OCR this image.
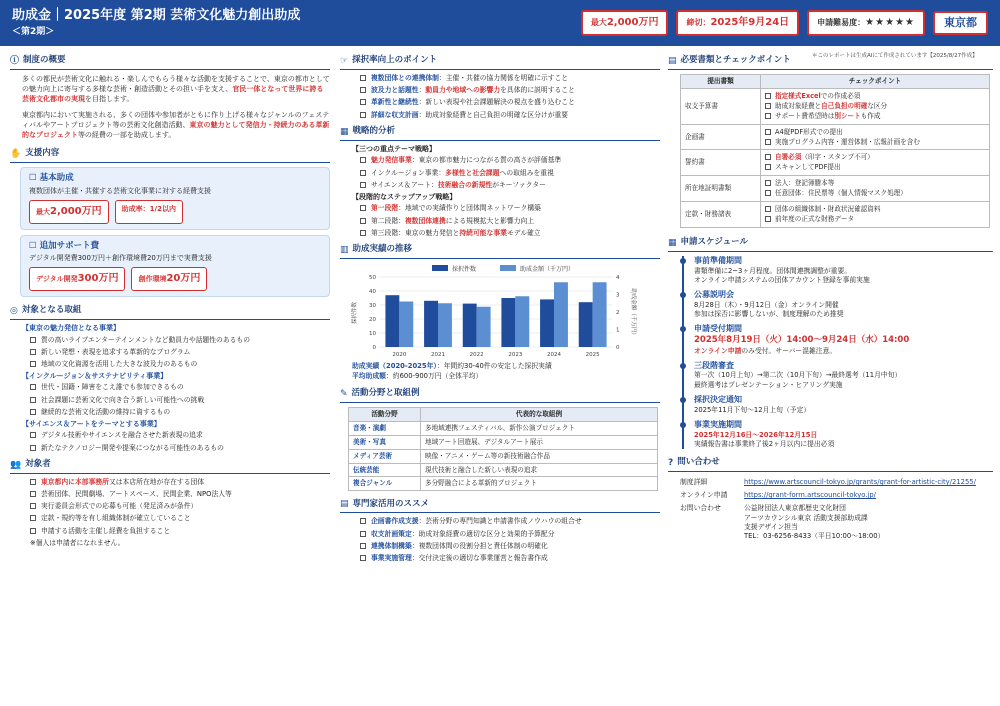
助成金｜2025年度 第2期 芸術文化魅力創出助成
＜第2期＞
最大2,000万円	締切：2025年9月24日	申請難易度：★★★★★	東京都
＊このレポートは生成AIにて作成されています【2025/8/27作成】
ⓘ 制度の概要

多くの都民が芸術文化に触れる・楽しんでもらう様々な活動を支援することで、東京の都市としての魅力向上に寄与する多様な芸術・創造活動とその担い手を支え、官民一体となって世界に誇る芸術文化都市の実現を目指します。

東京都内において実施される、多くの団体や参加者がともに作り上げる様々なジャンルのフェスティバルやアートプロジェクト等の芸術文化創造活動、東京の魅力として発信力・持続力のある革新的なプロジェクト等の経費の一部を助成します。

✋ 支援内容
☐ 基本助成
複数団体が主催・共催する芸術文化事業に対する経費支援
最大2,000万円	助成率：1/2以内
☐ 追加サポート費
デジタル開発費300万円＋創作環境費20万円まで実費支援
デジタル開発300万円	創作環境20万円
◎ 対象となる取組
【東京の魅力発信となる事業】
質の高いライブエンターテインメントなど動員力や話題性のあるもの
新しい発想・表現を追求する革新的なプログラム
地域の文化資源を活用した大きな波及力のあるもの
【インクルージョン＆サステナビリティ事業】
世代・国籍・障害をこえ誰でも参加できるもの
社会課題に芸術文化で向き合う新しい可能性への挑戦
継続的な芸術文化活動の維持に資するもの
【サイエンス＆アートをテーマとする事業】
デジタル技術やサイエンスを融合させた新表現の追求
新たなテクノロジー開発や提案につながる可能性のあるもの
👥 対象者
東京都内に本部事務所又は本店所在地が存在する団体
芸術団体、民間劇場、アートスペース、民間企業、NPO法人等
実行委員会形式での応募も可能（発足済みが条件）
定款・規約等を有し組織体制が確立していること
申請する活動を主催し経費を負担すること
※個人は申請者になれません。
☞ 採択率向上のポイント
複数団体との連携体制：主催・共催の協力関係を明確に示すこと
波及力と話題性：動員力や地域への影響力を具体的に説明すること
革新性と継続性：新しい表現や社会課題解決の視点を盛り込むこと
詳細な収支計画：助成対象経費と自己負担の明確な区分けが重要
▦ 戦略的分析
【三つの重点テーマ戦略】
魅力発信事業：東京の都市魅力につながる質の高さが評価基準
インクルージョン事業：多様性と社会課題への取組みを重視
サイエンス＆アート：技術融合の新規性がキーファクター
【段階的なステップアップ戦略】
第一段階：地域での実績作りと団体間ネットワーク構築
第二段階：複数団体連携による規模拡大と影響力向上
第三段階：東京の魅力発信と持続可能な事業モデル確立
▥ 助成実績の推移
採択件数	助成金額（千万円）
0
10
20
30
40
50
0
1
2
3
4
採択件数	助成金額（千万円）
2020	2021	2022	2023	2024	2025
助成実績（2020-2025年）：年間約30-40件の安定した採択実績
平均助成額：約600-900万円（全体平均）
✎ 活動分野と取組例
活動分野	代表的な取組例
音楽・演劇	多地域連携フェスティバル、新作公演プロジェクト
美術・写真	地域アート回遊展、デジタルアート展示
メディア芸術	映像・アニメ・ゲーム等の新技術融合作品
伝統芸能	現代技術と融合した新しい表現の追求
複合ジャンル	多分野融合による革新的プロジェクト
▤ 専門家活用のススメ
企画書作成支援：芸術分野の専門知識と申請書作成ノウハウの組合せ
収支計画策定：助成対象経費の適切な区分と効果的予算配分
連携体制構築：複数団体間の役割分担と責任体制の明確化
事業実施管理：交付決定後の適切な事業運営と報告書作成
▤ 必要書類とチェックポイント
提出書類	チェックポイント
収支予算書	指定様式Excelでの作成必須
助成対象経費と自己負担の明確な区分
サポート費希望時は別シートも作成

企画書	A4縦PDF形式での提出
実施プログラム内容・運営体制・広報計画を含む

誓約書	自署必須（印字・スタンプ不可）
スキャンしてPDF提出

所在地証明書類	法人：登記簿謄本等
任意団体：住民票等（個人情報マスク処理）

定款・財務諸表	団体の組織体制・財政状況確認資料
前年度の正式な財務データ
▦ 申請スケジュール
事前準備期間
書類準備に2~3ヶ月程度。団体間連携調整が重要。
オンライン申請システムの団体アカウント登録を事前実施
公募説明会
8月28日（木）・9月12日（金）オンライン開催
参加は採否に影響しないが、制度理解のため推奨
申請受付期間
2025年8月19日（火）14:00～9月24日（水）14:00
オンライン申請のみ受付。サーバー混雑注意。
三段階審査
第一次（10月上旬）→第二次（10月下旬）→最終選考（11月中旬）
最終選考はプレゼンテーション・ヒアリング実施
採択決定通知
2025年11月下旬～12月上旬（予定）
事業実施期間
2025年12月16日～2026年12月15日
実績報告書は事業終了後2ヶ月以内に提出必須
? 問い合わせ
制度詳細	https://www.artscouncil-tokyo.jp/grants/grant-for-artistic-city/21255/
オンライン申請	https://grant-form.artscouncil-tokyo.jp/
お問い合わせ	公益財団法人東京都歴史文化財団
アーツカウンシル東京 活動支援部助成課
支援デザイン担当
TEL：03-6256-8433（平日10:00～18:00）
